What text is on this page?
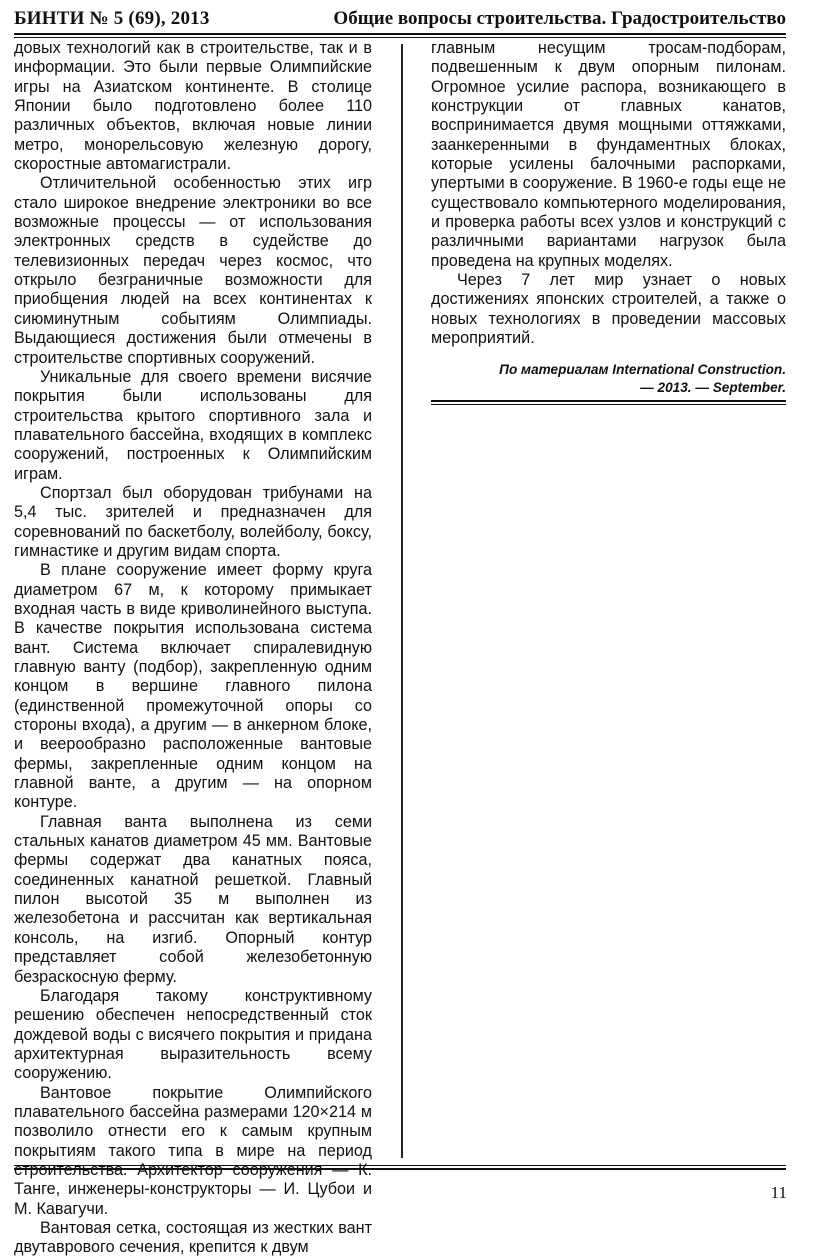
БИНТИ № 5 (69), 2013	Общие вопросы строительства. Градостроительство

довых технологий как в строительстве, так и в информации. Это были первые Олимпийские игры на Азиатском континенте. В столице Японии было подготовлено более 110 различных объектов, включая новые линии метро, монорельсовую железную дорогу, скоростные автомагистрали.

Отличительной особенностью этих игр стало широкое внедрение электроники во все возможные процессы — от использования электронных средств в судействе до телевизионных передач через космос, что открыло безграничные возможности для приобщения людей на всех континентах к сиюминутным событиям Олимпиады. Выдающиеся достижения были отмечены в строительстве спортивных сооружений.

Уникальные для своего времени висячие покрытия были использованы для строительства крытого спортивного зала и плавательного бассейна, входящих в комплекс сооружений, построенных к Олимпийским играм.

Спортзал был оборудован трибунами на 5,4 тыс. зрителей и предназначен для соревнований по баскетболу, волейболу, боксу, гимнастике и другим видам спорта.

В плане сооружение имеет форму круга диаметром 67 м, к которому примыкает входная часть в виде криволинейного выступа. В качестве покрытия использована система вант. Система включает спиралевидную главную ванту (подбор), закрепленную одним концом в вершине главного пилона (единственной промежуточной опоры со стороны входа), а другим — в анкерном блоке, и веерообразно расположенные вантовые фермы, закрепленные одним концом на главной ванте, а другим — на опорном контуре.

Главная ванта выполнена из семи стальных канатов диаметром 45 мм. Вантовые фермы содержат два канатных пояса, соединенных канатной решеткой. Главный пилон высотой 35 м выполнен из железобетона и рассчитан как вертикальная консоль, на изгиб. Опорный контур представляет собой железобетонную безраскосную ферму.

Благодаря такому конструктивному решению обеспечен непосредственный сток дождевой воды с висячего покрытия и придана архитектурная выразительность всему сооружению.

Вантовое покрытие Олимпийского плавательного бассейна размерами 120×214 м позволило отнести его к самым крупным покрытиям такого типа в мире на период Танге, инженеры-конструкторы — И. Цубои и М. Кавагучи.

Вантовая сетка, состоящая из жестких вант двутаврового сечения, крепится к двум

главным несущим тросам-подборам, подвешенным к двум опорным пилонам. Огромное усилие распора, возникающего в конструкции от главных канатов, воспринимается двумя мощными оттяжками, заанкеренными в фундаментных блоках, которые усилены балочными распорками, упертыми в сооружение. В 1960-е годы еще не существовало компьютерного моделирования, и проверка работы всех узлов и конструкций с различными вариантами нагрузок была проведена на крупных моделях.

Через 7 лет мир узнает о новых достижениях японских строителей, а также о новых технологиях в проведении массовых мероприятий.

По материалам International Construction.
— 2013. — September.
11
